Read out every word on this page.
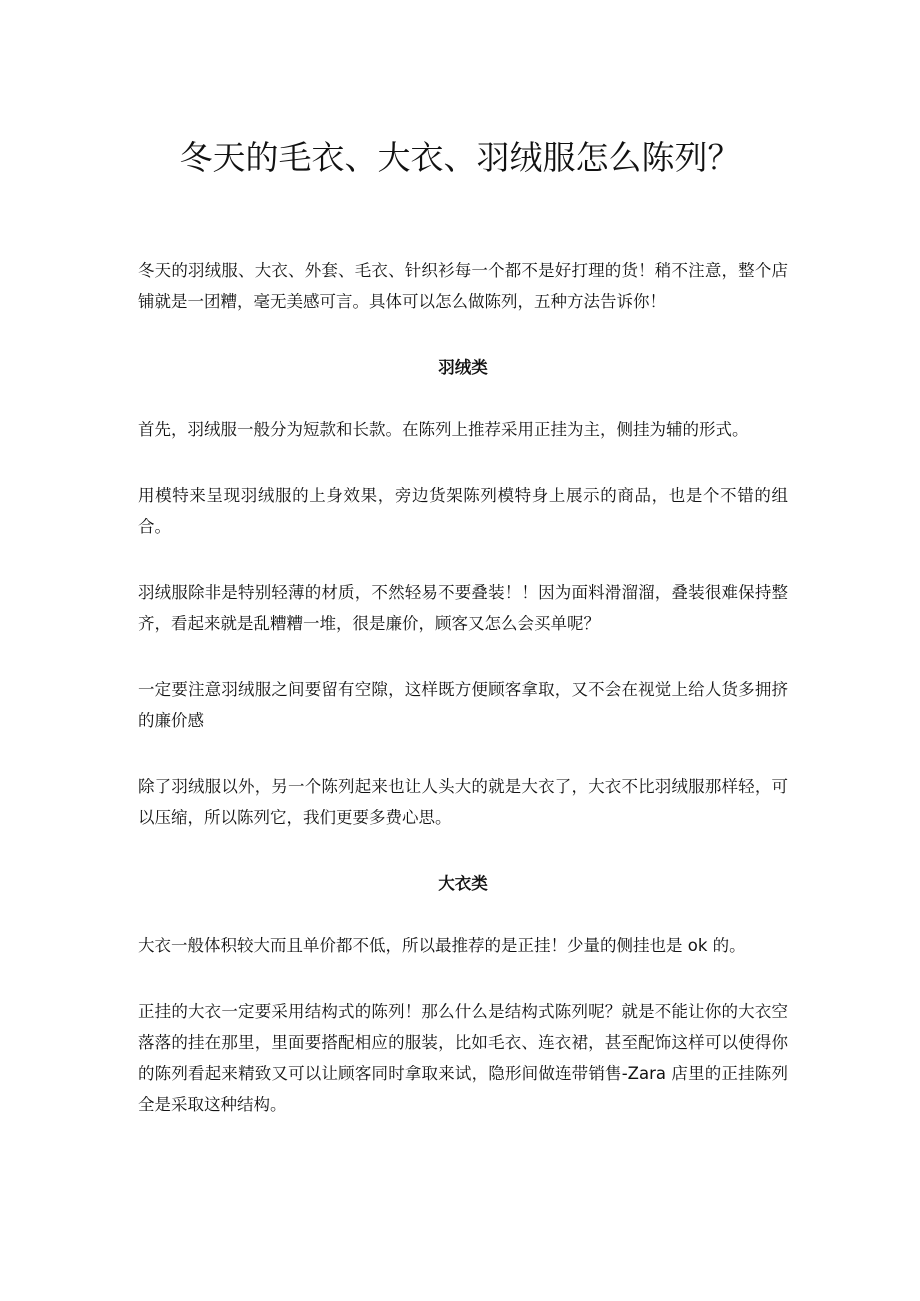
冬天的毛衣、大衣、羽绒服怎么陈列？

冬天的羽绒服、大衣、外套、毛衣、针织衫每一个都不是好打理的货！稍不注意，整个店铺就是一团糟，毫无美感可言。具体可以怎么做陈列，五种方法告诉你！

羽绒类

首先，羽绒服一般分为短款和长款。在陈列上推荐采用正挂为主，侧挂为辅的形式。

用模特来呈现羽绒服的上身效果，旁边货架陈列模特身上展示的商品，也是个不错的组合。

羽绒服除非是特别轻薄的材质，不然轻易不要叠装！！因为面料滑溜溜，叠装很难保持整齐，看起来就是乱糟糟一堆，很是廉价，顾客又怎么会买单呢？

一定要注意羽绒服之间要留有空隙，这样既方便顾客拿取，又不会在视觉上给人货多拥挤的廉价感

除了羽绒服以外，另一个陈列起来也让人头大的就是大衣了，大衣不比羽绒服那样轻，可以压缩，所以陈列它，我们更要多费心思。

大衣类

大衣一般体积较大而且单价都不低，所以最推荐的是正挂！少量的侧挂也是 ok 的。

正挂的大衣一定要采用结构式的陈列！那么什么是结构式陈列呢？就是不能让你的大衣空落落的挂在那里，里面要搭配相应的服装，比如毛衣、连衣裙，甚至配饰这样可以使得你的陈列看起来精致又可以让顾客同时拿取来试，隐形间做连带销售-Zara 店里的正挂陈列全是采取这种结构。
